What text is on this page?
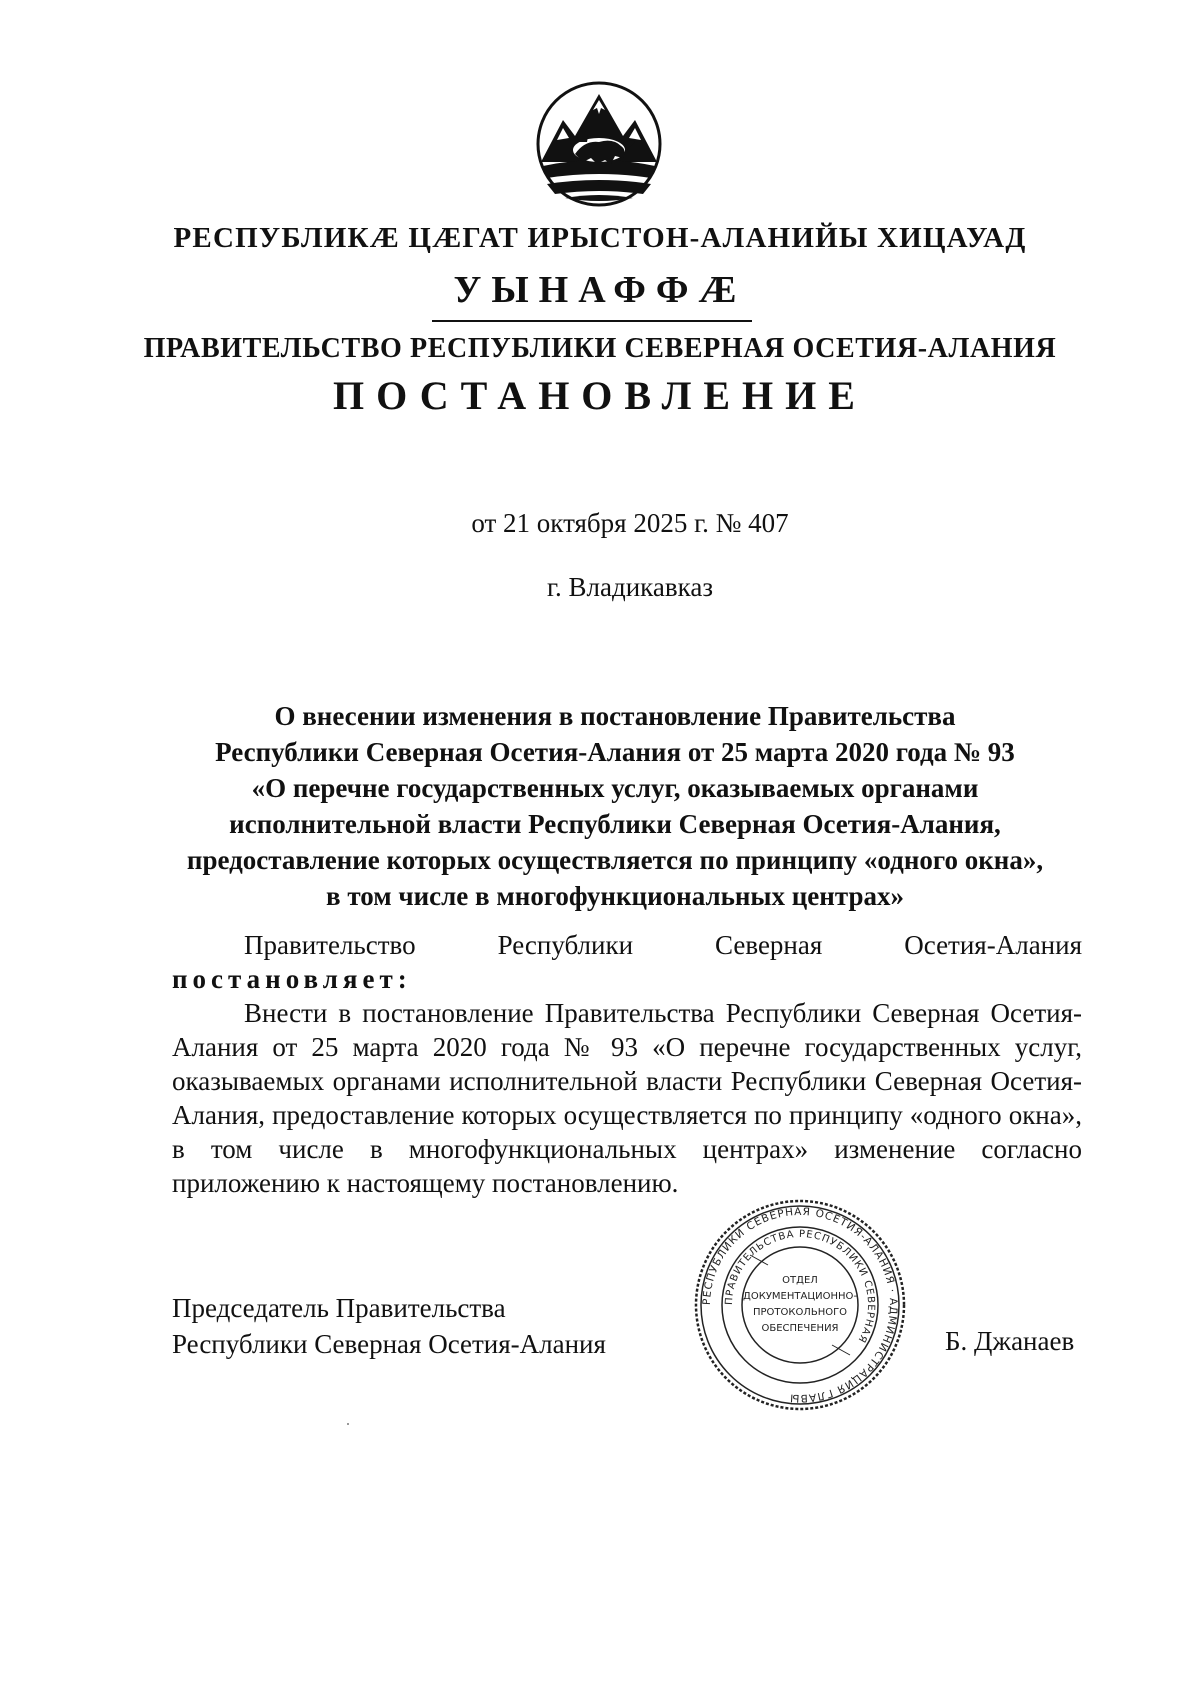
РЕСПУБЛИКÆ ЦÆГАТ ИРЫСТОН-АЛАНИЙЫ ХИЦАУАД
УЫНАФФÆ
ПРАВИТЕЛЬСТВО РЕСПУБЛИКИ СЕВЕРНАЯ ОСЕТИЯ-АЛАНИЯ
ПОСТАНОВЛЕНИЕ
от 21 октября 2025 г. № 407
г. Владикавказ
О внесении изменения в постановление Правительства
Республики Северная Осетия-Алания от 25 марта 2020 года № 93
«О перечне государственных услуг, оказываемых органами
исполнительной власти Республики Северная Осетия-Алания,
предоставление которых осуществляется по принципу «одного окна»,
в том числе в многофункциональных центрах»

Правительство Республики Северная Осетия-Алания

постановляет:

Внести в постановление Правительства Республики Северная Осетия-Алания от 25 марта 2020 года № 93 «О перечне государственных услуг, оказываемых органами исполнительной власти Республики Северная Осетия-Алания, предоставление которых осуществляется по принципу «одного окна», в том числе в многофункциональных центрах» изменение согласно приложению к настоящему постановлению.

Председатель Правительства
Республики Северная Осетия-Алания
РЕСПУБЛИКИ СЕВЕРНАЯ ОСЕТИЯ-АЛАНИЯ · АДМИНИСТРАЦИЯ ГЛАВЫ
ПРАВИТЕЛЬСТВА РЕСПУБЛИКИ СЕВЕРНАЯ
ОТДЕЛ
ДОКУМЕНТАЦИОННО-
ПРОТОКОЛЬНОГО
ОБЕСПЕЧЕНИЯ	Б. Джанаев
